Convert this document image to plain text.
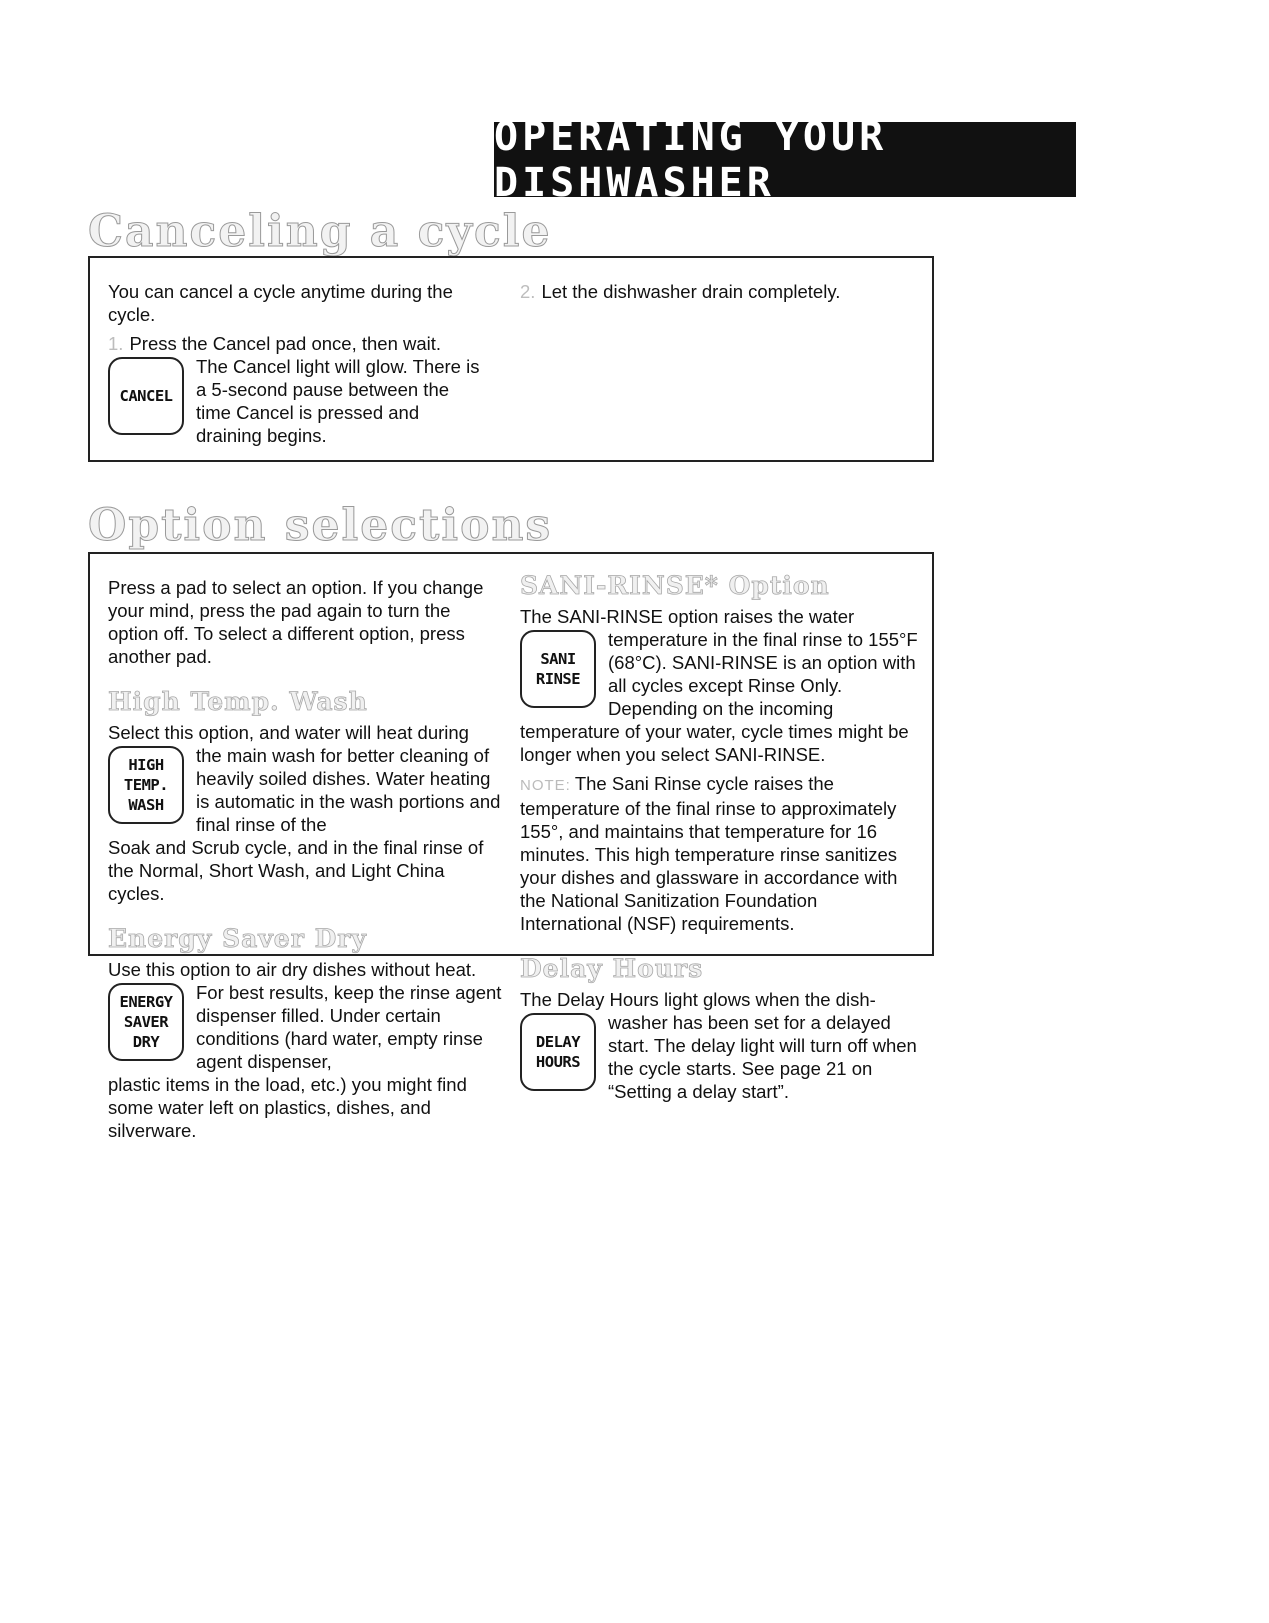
OPERATING YOUR DISHWASHER
Canceling a cycle

You can cancel a cycle anytime during the cycle.

1. Press the Cancel pad once, then wait.

CANCEL
The Cancel light will glow. There is a 5-second pause between the time Cancel is pressed and draining begins.

2. Let the dishwasher drain completely.

Option selections

Press a pad to select an option. If you change your mind, press the pad again to turn the option off. To select a different option, press another pad.

High Temp. Wash

Select this option, and water will heat during

HIGH
TEMP.
WASH
the main wash for better cleaning of heavily soiled dishes. Water heating is automatic in the wash portions and final rinse of the

Soak and Scrub cycle, and in the final rinse of the Normal, Short Wash, and Light China cycles.

Energy Saver Dry

Use this option to air dry dishes without heat.

ENERGY
SAVER
DRY
For best results, keep the rinse agent dispenser filled. Under certain conditions (hard water, empty rinse agent dispenser,

plastic items in the load, etc.) you might find some water left on plastics, dishes, and silverware.

SANI-RINSE* Option

The SANI-RINSE option raises the water

SANI
RINSE
temperature in the final rinse to 155°F (68°C). SANI-RINSE is an option with all cycles except Rinse Only. Depending on the incoming

temperature of your water, cycle times might be longer when you select SANI-RINSE.

NOTE: The Sani Rinse cycle raises the temperature of the final rinse to approximately 155°, and maintains that temperature for 16 minutes. This high temperature rinse sanitizes your dishes and glassware in accordance with the National Sanitization Foundation International (NSF) requirements.

Delay Hours

The Delay Hours light glows when the dish-

DELAY
HOURS
washer has been set for a delayed start. The delay light will turn off when the cycle starts. See page 21 on “Setting a delay start”.
